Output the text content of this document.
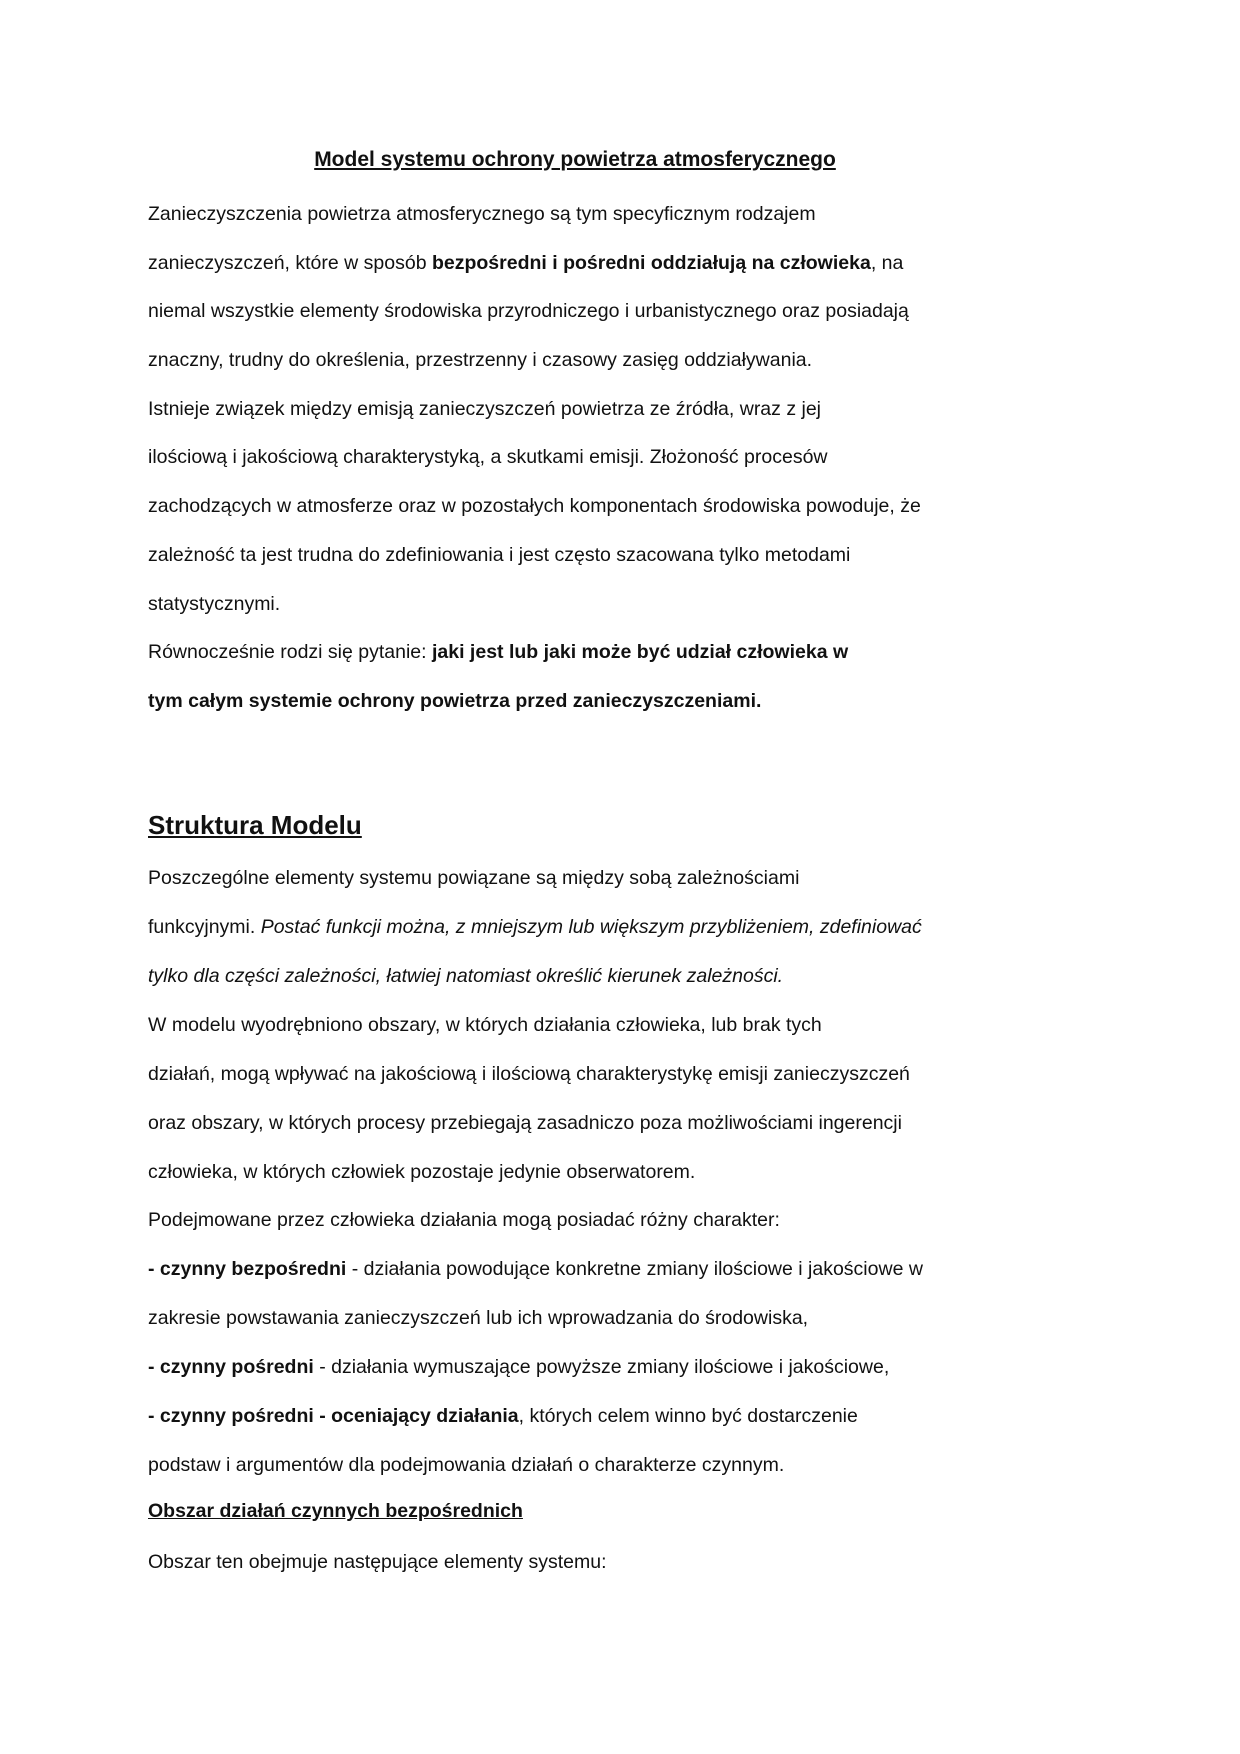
Model systemu ochrony powietrza atmosferycznego
Zanieczyszczenia powietrza atmosferycznego są tym specyficznym rodzajem
zanieczyszczeń, które w sposób bezpośredni i pośredni oddziałują na człowieka, na
niemal wszystkie elementy środowiska przyrodniczego i urbanistycznego oraz posiadają
znaczny, trudny do określenia, przestrzenny i czasowy zasięg oddziaływania.
Istnieje związek między emisją zanieczyszczeń powietrza ze źródła, wraz z jej
ilościową i jakościową charakterystyką, a skutkami emisji. Złożoność procesów
zachodzących w atmosferze oraz w pozostałych komponentach środowiska powoduje, że
zależność ta jest trudna do zdefiniowania i jest często szacowana tylko metodami
statystycznymi.
Równocześnie rodzi się pytanie: jaki jest lub jaki może być udział człowieka w
tym całym systemie ochrony powietrza przed zanieczyszczeniami.
Struktura Modelu
Poszczególne elementy systemu powiązane są między sobą zależnościami
funkcyjnymi. Postać funkcji można, z mniejszym lub większym przybliżeniem, zdefiniować
tylko dla części zależności, łatwiej natomiast określić kierunek zależności.
W modelu wyodrębniono obszary, w których działania człowieka, lub brak tych
działań, mogą wpływać na jakościową i ilościową charakterystykę emisji zanieczyszczeń
oraz obszary, w których procesy przebiegają zasadniczo poza możliwościami ingerencji
człowieka, w których człowiek pozostaje jedynie obserwatorem.
Podejmowane przez człowieka działania mogą posiadać różny charakter:
- czynny bezpośredni - działania powodujące konkretne zmiany ilościowe i jakościowe w
zakresie powstawania zanieczyszczeń lub ich wprowadzania do środowiska,
- czynny pośredni - działania wymuszające powyższe zmiany ilościowe i jakościowe,
- czynny pośredni - oceniający działania, których celem winno być dostarczenie
podstaw i argumentów dla podejmowania działań o charakterze czynnym.
Obszar działań czynnych bezpośrednich
Obszar ten obejmuje następujące elementy systemu:
